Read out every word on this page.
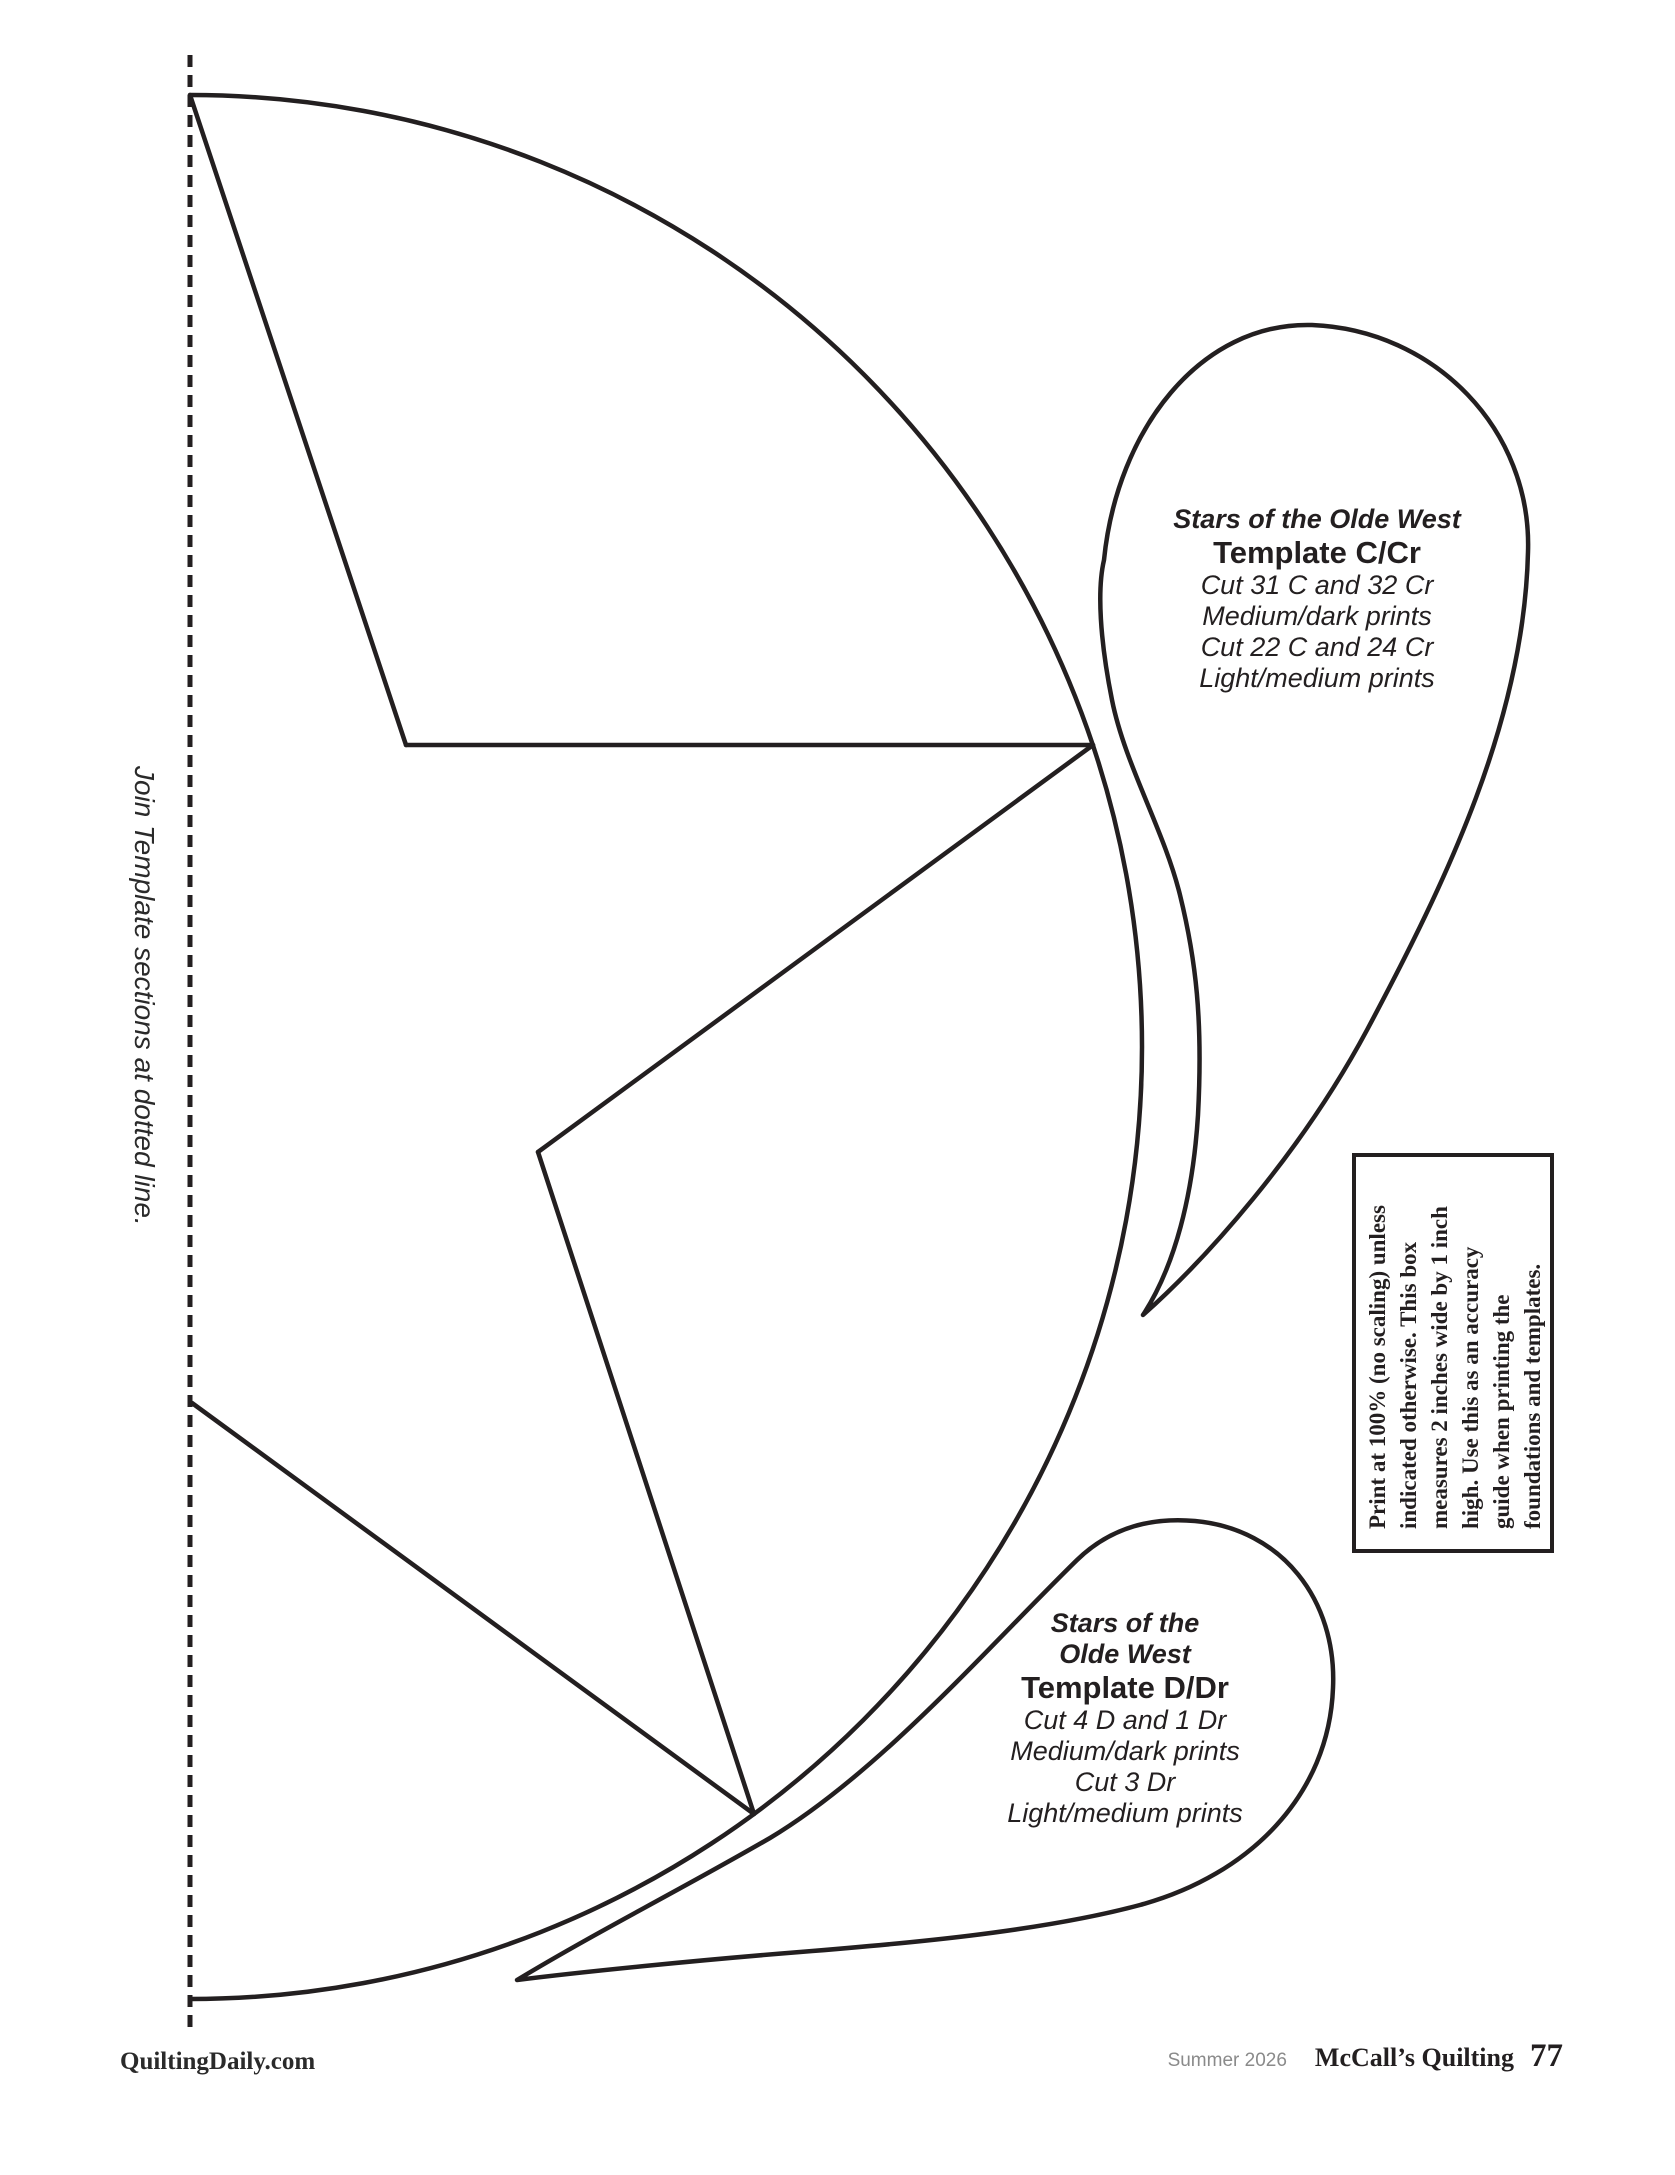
Join Template sections at dotted line.
Stars of the Olde West
Template C/Cr
Cut 31 C and 32 Cr
Medium/dark prints
Cut 22 C and 24 Cr
Light/medium prints
Stars of the
Olde West
Template D/Dr
Cut 4 D and 1 Dr
Medium/dark prints
Cut 3 Dr
Light/medium prints
Print at 100% (no scaling) unless indicated otherwise. This box measures 2 inches wide by 1 inch high. Use this as an accuracy guide when printing the foundations and templates.
QuiltingDaily.com	Summer 2026 McCall’s Quilting 77
